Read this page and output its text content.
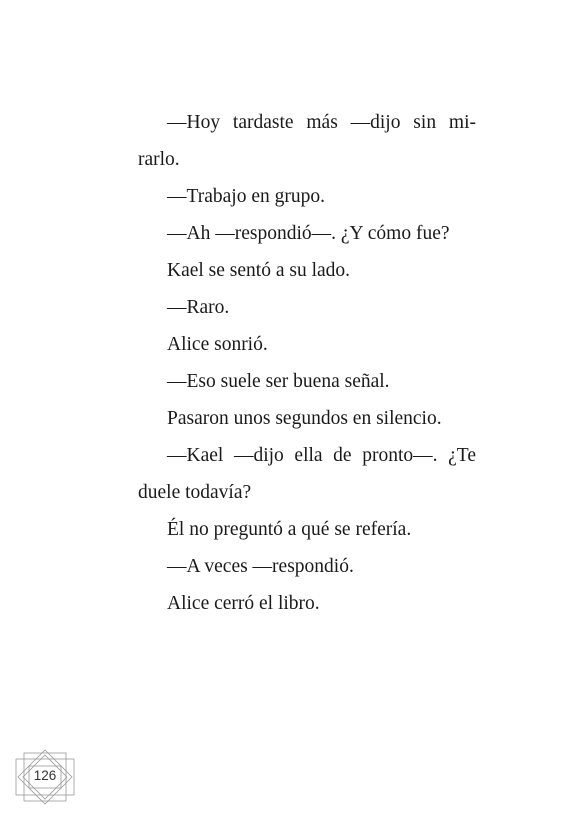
—Hoy tardaste más —dijo sin mi-

rarlo.

—Trabajo en grupo.

—Ah —respondió—. ¿Y cómo fue?

Kael se sentó a su lado.

—Raro.

Alice sonrió.

—Eso suele ser buena señal.

Pasaron unos segundos en silencio.

—Kael —dijo ella de pronto—. ¿Te

duele todavía?

Él no preguntó a qué se refería.

—A veces —respondió.

Alice cerró el libro.

126
